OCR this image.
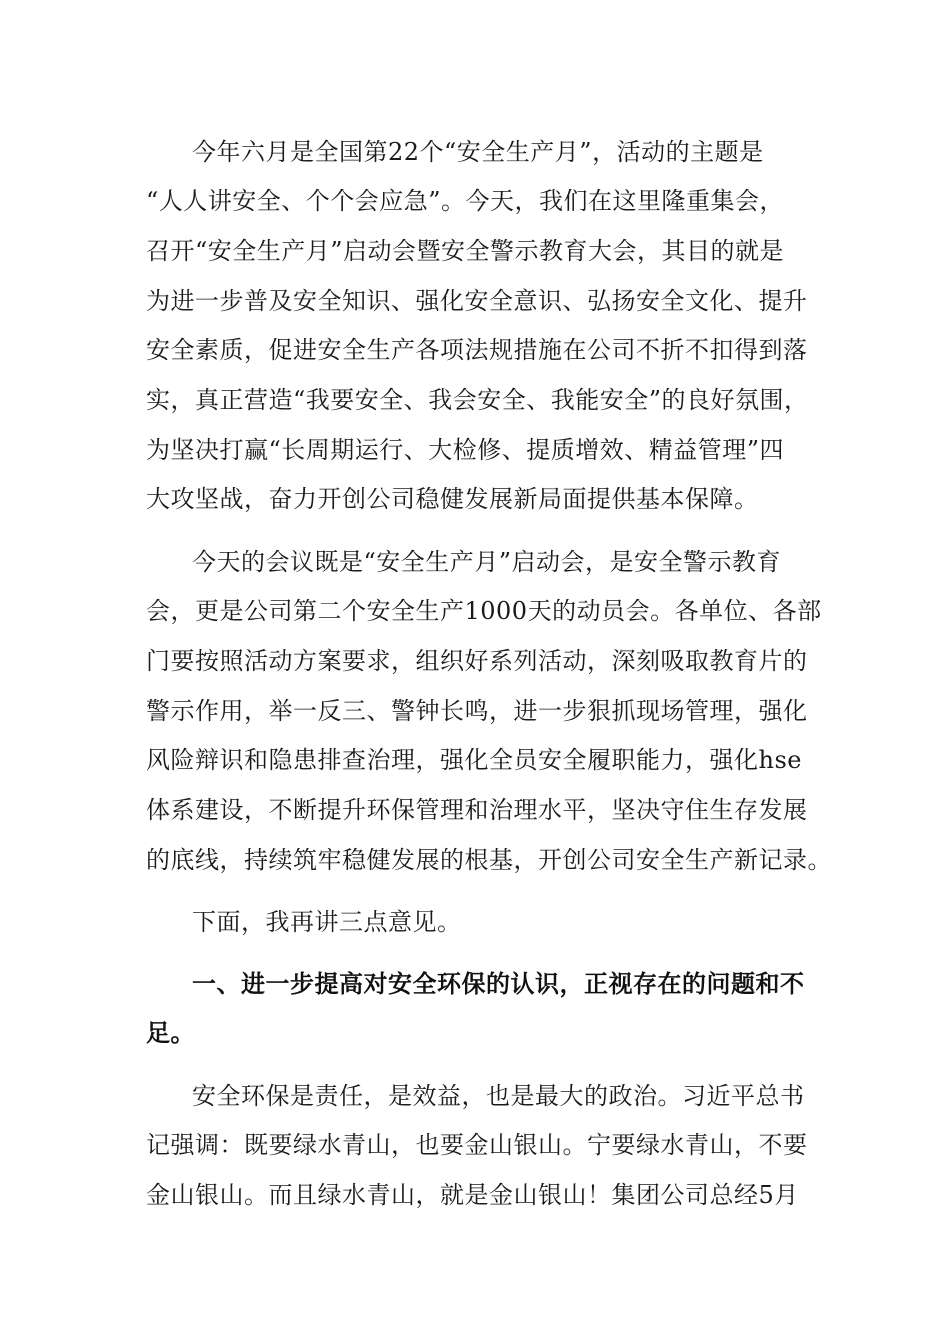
今年六月是全国第22个“安全生产月”，活动的主题是
“人人讲安全、个个会应急”。今天，我们在这里隆重集会，
召开“安全生产月”启动会暨安全警示教育大会，其目的就是
为进一步普及安全知识、强化安全意识、弘扬安全文化、提升
安全素质，促进安全生产各项法规措施在公司不折不扣得到落
实，真正营造“我要安全、我会安全、我能安全”的良好氛围，
为坚决打赢“长周期运行、大检修、提质增效、精益管理”四
大攻坚战，奋力开创公司稳健发展新局面提供基本保障。
今天的会议既是“安全生产月”启动会，是安全警示教育
会，更是公司第二个安全生产1000天的动员会。各单位、各部
门要按照活动方案要求，组织好系列活动，深刻吸取教育片的
警示作用，举一反三、警钟长鸣，进一步狠抓现场管理，强化
风险辩识和隐患排查治理，强化全员安全履职能力，强化hse
体系建设，不断提升环保管理和治理水平，坚决守住生存发展
的底线，持续筑牢稳健发展的根基，开创公司安全生产新记录。
下面，我再讲三点意见。
一、进一步提高对安全环保的认识，正视存在的问题和不
足。
安全环保是责任，是效益，也是最大的政治。习近平总书
记强调：既要绿水青山，也要金山银山。宁要绿水青山，不要
金山银山。而且绿水青山，就是金山银山！集团公司总经5月
